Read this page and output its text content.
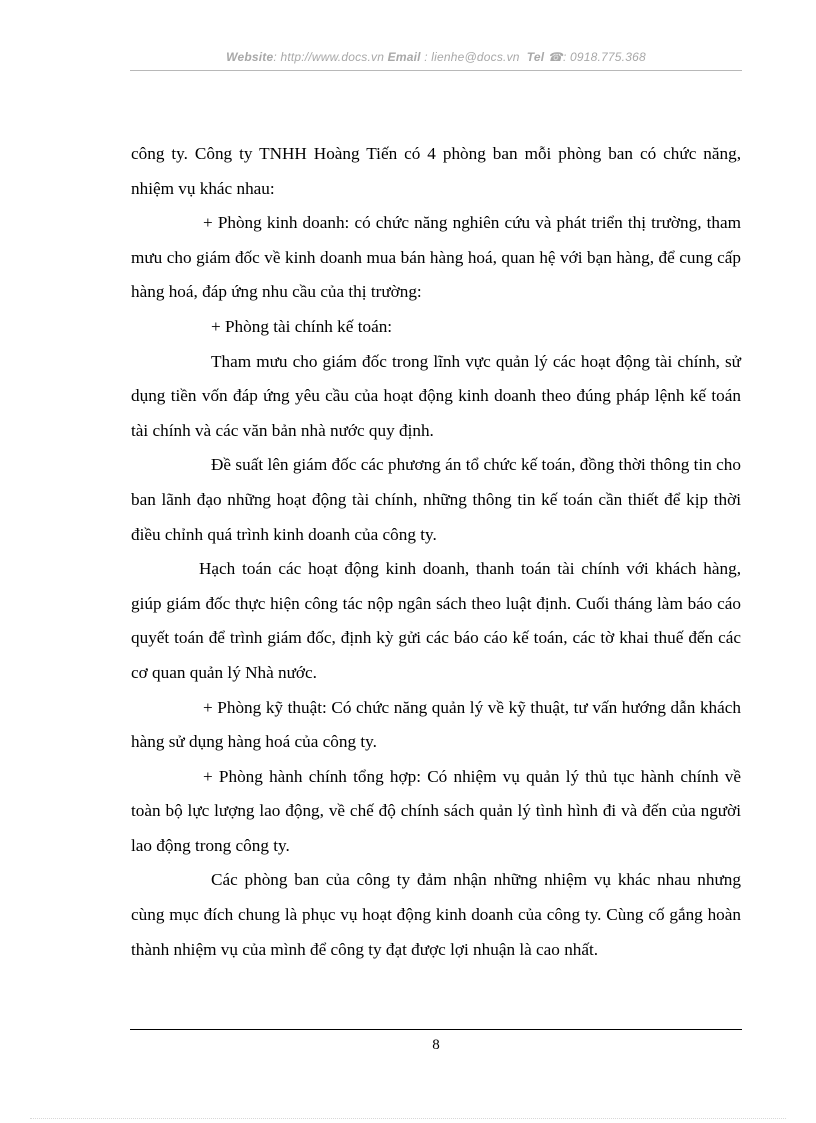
Website: http://www.docs.vn Email : lienhe@docs.vn Tel ☎: 0918.775.368

công ty. Công ty TNHH Hoàng Tiến có 4 phòng ban mỗi phòng ban có chức năng, nhiệm vụ khác nhau:

+ Phòng kinh doanh: có chức năng nghiên cứu và phát triển thị trường, tham mưu cho giám đốc về kinh doanh mua bán hàng hoá, quan hệ với bạn hàng, để cung cấp hàng hoá, đáp ứng nhu cầu của thị trường:

+ Phòng tài chính kế toán:

Tham mưu cho giám đốc trong lĩnh vực quản lý các hoạt động tài chính, sử dụng tiền vốn đáp ứng yêu cầu của hoạt động kinh doanh theo đúng pháp lệnh kế toán tài chính và các văn bản nhà nước quy định.

Đề suất lên giám đốc các phương án tổ chức kế toán, đồng thời thông tin cho ban lãnh đạo những hoạt động tài chính, những thông tin kế toán cần thiết để kịp thời điều chỉnh quá trình kinh doanh của công ty.

Hạch toán các hoạt động kinh doanh, thanh toán tài chính với khách hàng, giúp giám đốc thực hiện công tác nộp ngân sách theo luật định. Cuối tháng làm báo cáo quyết toán để trình giám đốc, định kỳ gửi các báo cáo kế toán, các tờ khai thuế đến các cơ quan quản lý Nhà nước.

+ Phòng kỹ thuật: Có chức năng quản lý về kỹ thuật, tư vấn hướng dẫn khách hàng sử dụng hàng hoá của công ty.

+ Phòng hành chính tổng hợp: Có nhiệm vụ quản lý thủ tục hành chính về toàn bộ lực lượng lao động, về chế độ chính sách quản lý tình hình đi và đến của người lao động trong công ty.

Các phòng ban của công ty đảm nhận những nhiệm vụ khác nhau nhưng cùng mục đích chung là phục vụ hoạt động kinh doanh của công ty. Cùng cố gắng hoàn thành nhiệm vụ của mình để công ty đạt được lợi nhuận là cao nhất.

8
